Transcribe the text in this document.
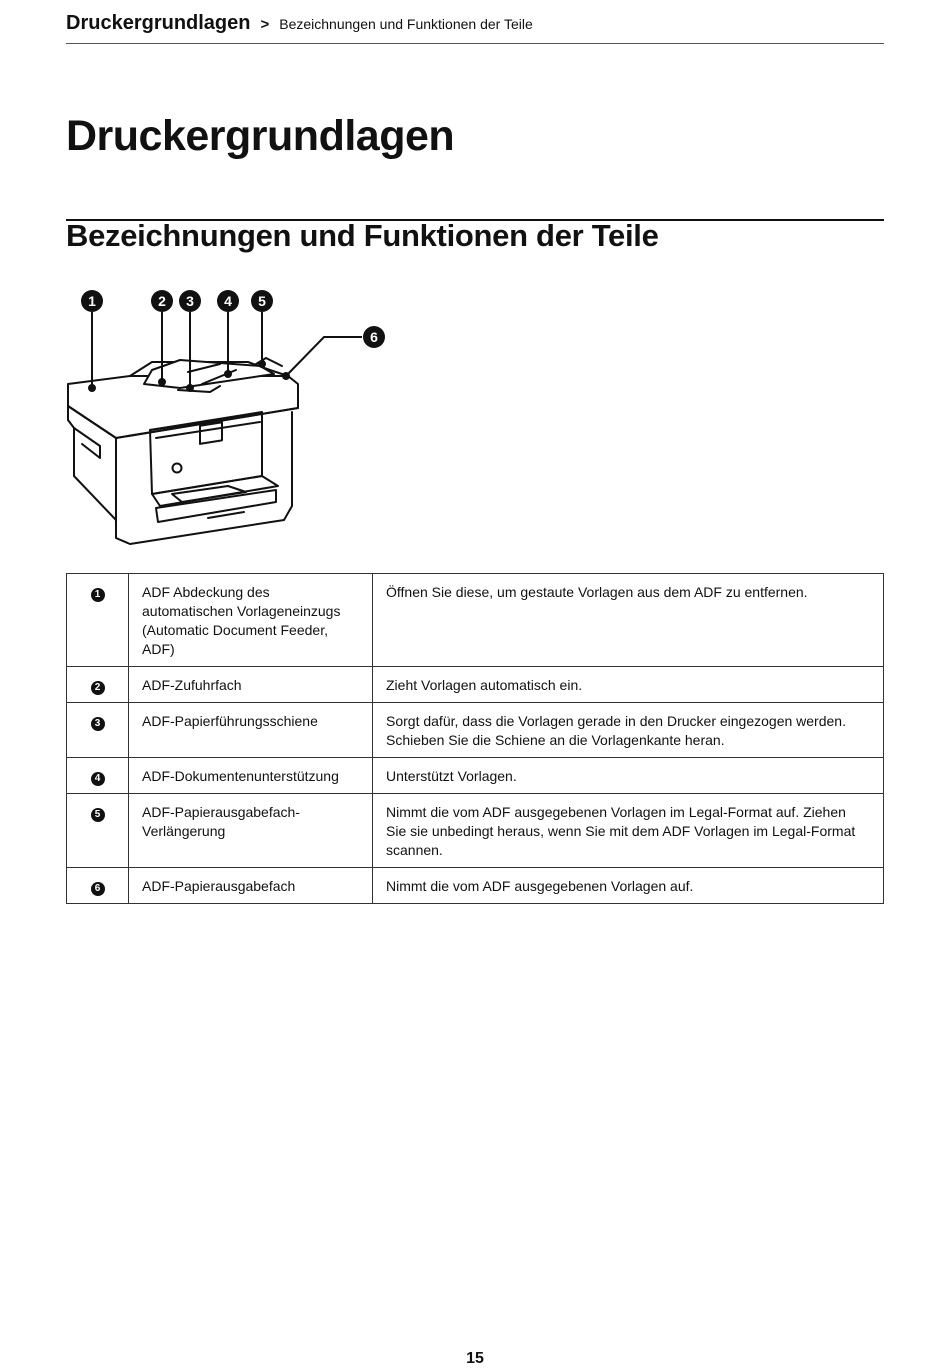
Druckergrundlagen > Bezeichnungen und Funktionen der Teile
Druckergrundlagen
Bezeichnungen und Funktionen der Teile
1	2 3 4 5
6
1	ADF Abdeckung des automatischen Vorlageneinzugs (Automatic Document Feeder, ADF)	Öffnen Sie diese, um gestaute Vorlagen aus dem ADF zu entfernen.
2	ADF-Zufuhrfach	Zieht Vorlagen automatisch ein.
3	ADF-Papierführungsschiene	Sorgt dafür, dass die Vorlagen gerade in den Drucker eingezogen werden. Schieben Sie die Schiene an die Vorlagenkante heran.
4	ADF-Dokumentenunterstützung	Unterstützt Vorlagen.
5	ADF-Papierausgabefach-Verlängerung	Nimmt die vom ADF ausgegebenen Vorlagen im Legal-Format auf. Ziehen Sie sie unbedingt heraus, wenn Sie mit dem ADF Vorlagen im Legal-Format scannen.
6	ADF-Papierausgabefach	Nimmt die vom ADF ausgegebenen Vorlagen auf.
15
